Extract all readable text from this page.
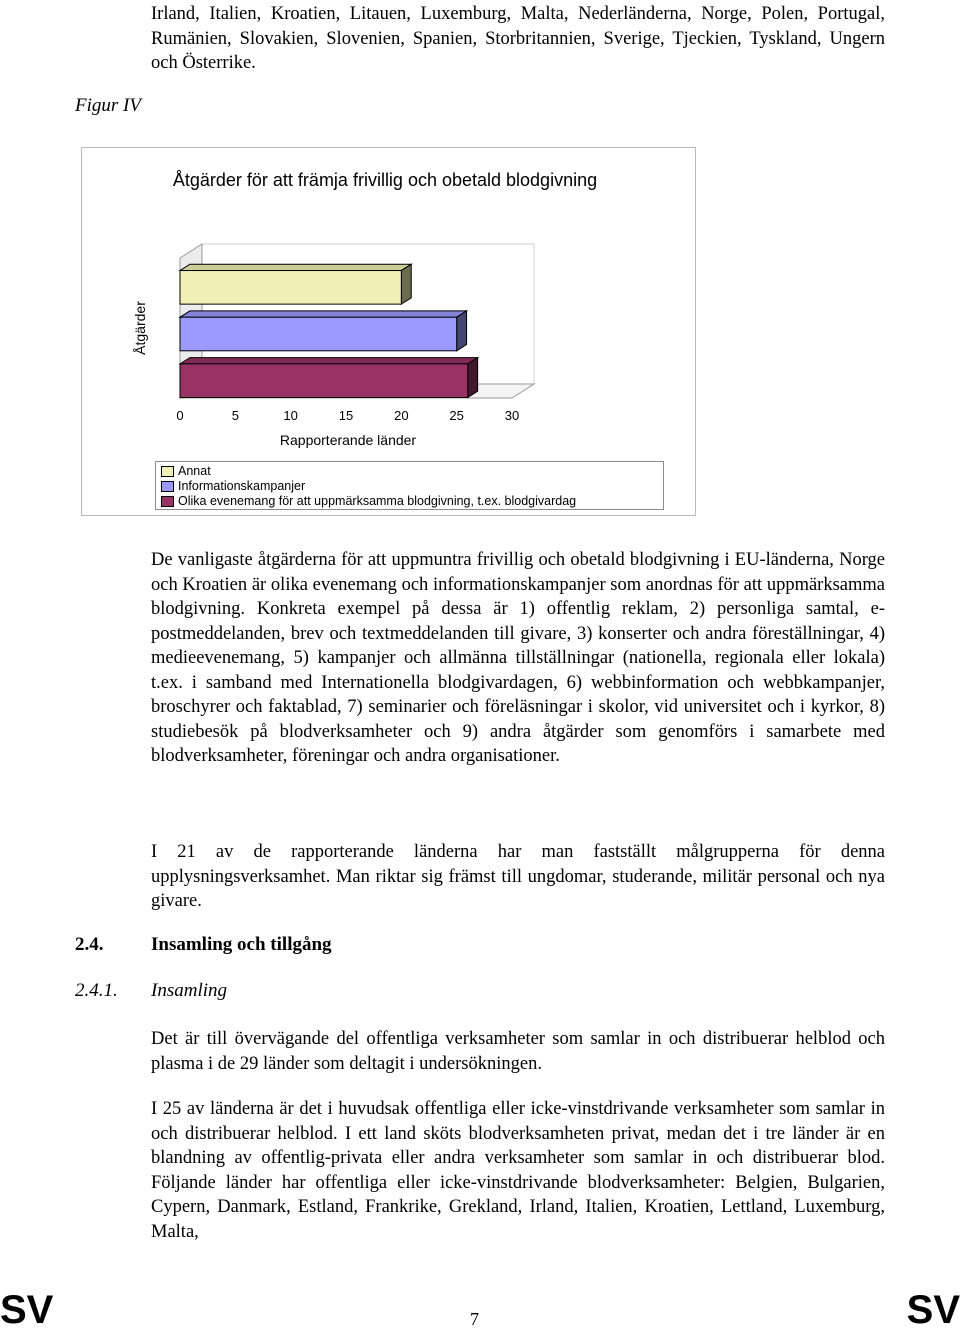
Irland, Italien, Kroatien, Litauen, Luxemburg, Malta, Nederländerna, Norge, Polen, Portugal, Rumänien, Slovakien, Slovenien, Spanien, Storbritannien, Sverige, Tjeckien, Tyskland, Ungern och Österrike.
Figur IV
Åtgärder för att främja frivillig och obetald blodgivning
0	5	10	15	20	25	30
Åtgärder
Rapporterande länder
Annat
Informationskampanjer
Olika evenemang för att uppmärksamma blodgivning, t.ex. blodgivardag
De vanligaste åtgärderna för att uppmuntra frivillig och obetald blodgivning i EU-länderna, Norge och Kroatien är olika evenemang och informationskampanjer som anordnas för att uppmärksamma blodgivning. Konkreta exempel på dessa är 1) offentlig reklam, 2) personliga samtal, e-postmeddelanden, brev och textmeddelanden till givare, 3) konserter och andra föreställningar, 4) medieevenemang, 5) kampanjer och allmänna tillställningar (nationella, regionala eller lokala) t.ex. i samband med Internationella blodgivardagen, 6) webbinformation och webbkampanjer, broschyrer och faktablad, 7) seminarier och föreläsningar i skolor, vid universitet och i kyrkor, 8) studiebesök på blodverksamheter och 9) andra åtgärder som genomförs i samarbete med blodverksamheter, föreningar och andra organisationer.
I 21 av de rapporterande länderna har man fastställt målgrupperna för denna upplysningsverksamhet. Man riktar sig främst till ungdomar, studerande, militär personal och nya givare.
2.4.	Insamling och tillgång
2.4.1. Insamling
Det är till övervägande del offentliga verksamheter som samlar in och distribuerar helblod och plasma i de 29 länder som deltagit i undersökningen.
I 25 av länderna är det i huvudsak offentliga eller icke-vinstdrivande verksamheter som samlar in och distribuerar helblod. I ett land sköts blodverksamheten privat, medan det i tre länder är en blandning av offentlig-privata eller andra verksamheter som samlar in och distribuerar blod. Följande länder har offentliga eller icke-vinstdrivande blodverksamheter: Belgien, Bulgarien, Cypern, Danmark, Estland, Frankrike, Grekland, Irland, Italien, Kroatien, Lettland, Luxemburg, Malta,
SV	7	SV
